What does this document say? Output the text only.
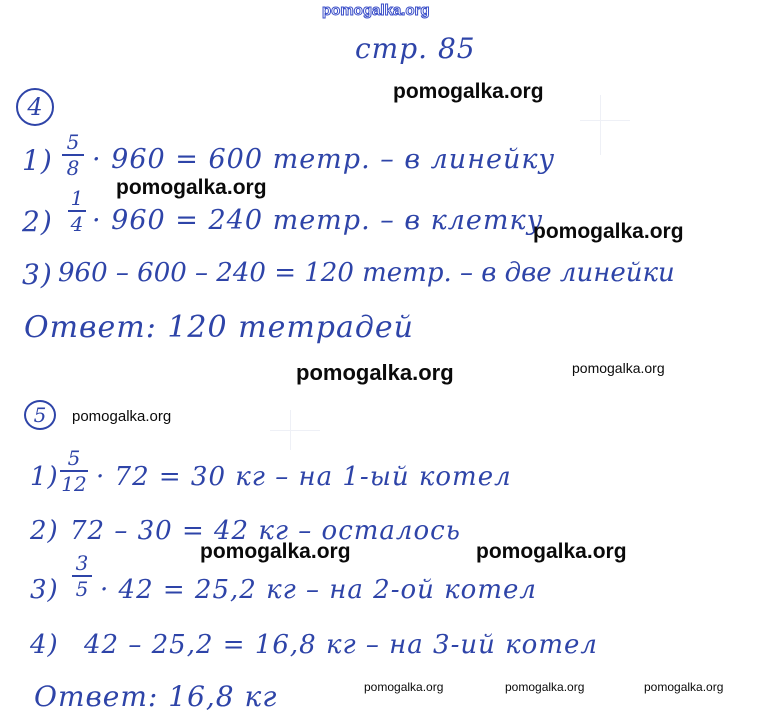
pomogalka.org
стр. 85
4
1)
5
8 · 960 = 600 тетр. – в линейку
2)
1
4 · 960 = 240 тетр. – в клетку
3) 960 – 600 – 240 = 120 тетр. – в две линейки
Ответ: 120 тетрадей
5
1)
5
12 · 72 = 30 кг – на 1-ый котел
2) 72 – 30 = 42 кг – осталось
3)
3
5 · 42 = 25,2 кг – на 2-ой котел
4) 42 – 25,2 = 16,8 кг – на 3-ий котел
Ответ: 16,8 кг
pomogalka.org
pomogalka.org
pomogalka.org
pomogalka.org	pomogalka.org
pomogalka.org
pomogalka.org	pomogalka.org
pomogalka.org	pomogalka.org	pomogalka.org
